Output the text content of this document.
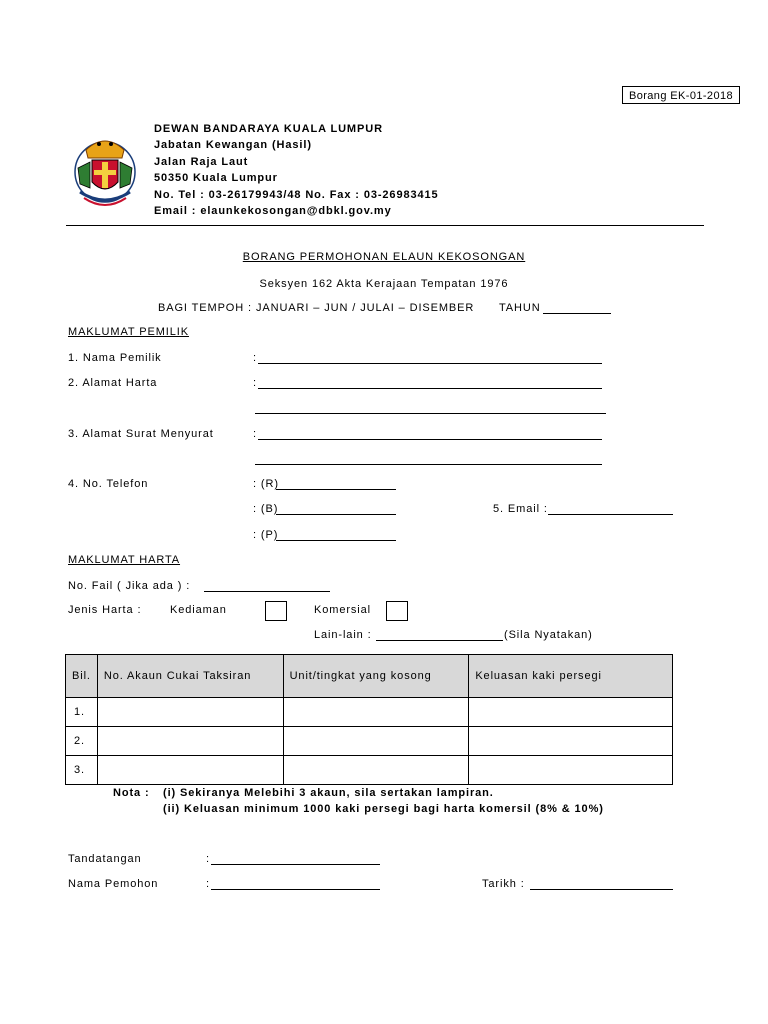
Borang EK-01-2018
DEWAN BANDARAYA KUALA LUMPUR
Jabatan Kewangan (Hasil)
Jalan Raja Laut
50350 Kuala Lumpur
No. Tel : 03-26179943/48 No. Fax : 03-26983415
Email : elaunkekosongan@dbkl.gov.my
BORANG PERMOHONAN ELAUN KEKOSONGAN
Seksyen 162 Akta Kerajaan Tempatan 1976
BAGI TEMPOH : JANUARI – JUN / JULAI – DISEMBER TAHUN
MAKLUMAT PEMILIK
1. Nama Pemilik	:
2. Alamat Harta	:
3. Alamat Surat Menyurat	:
4. No. Telefon	: (R)
: (B)	5. Email :
: (P)
MAKLUMAT HARTA
No. Fail ( Jika ada ) :
Jenis Harta :	Kediaman	Komersial
Lain-lain :	(Sila Nyatakan)
Bil.	No. Akaun Cukai Taksiran	Unit/tingkat yang kosong	Keluasan kaki persegi
1.			
2.			
3.			
Nota : (i) Sekiranya Melebihi 3 akaun, sila sertakan lampiran.
(ii) Keluasan minimum 1000 kaki persegi bagi harta komersil (8% & 10%)
Tandatangan	:
Nama Pemohon	:	Tarikh :
